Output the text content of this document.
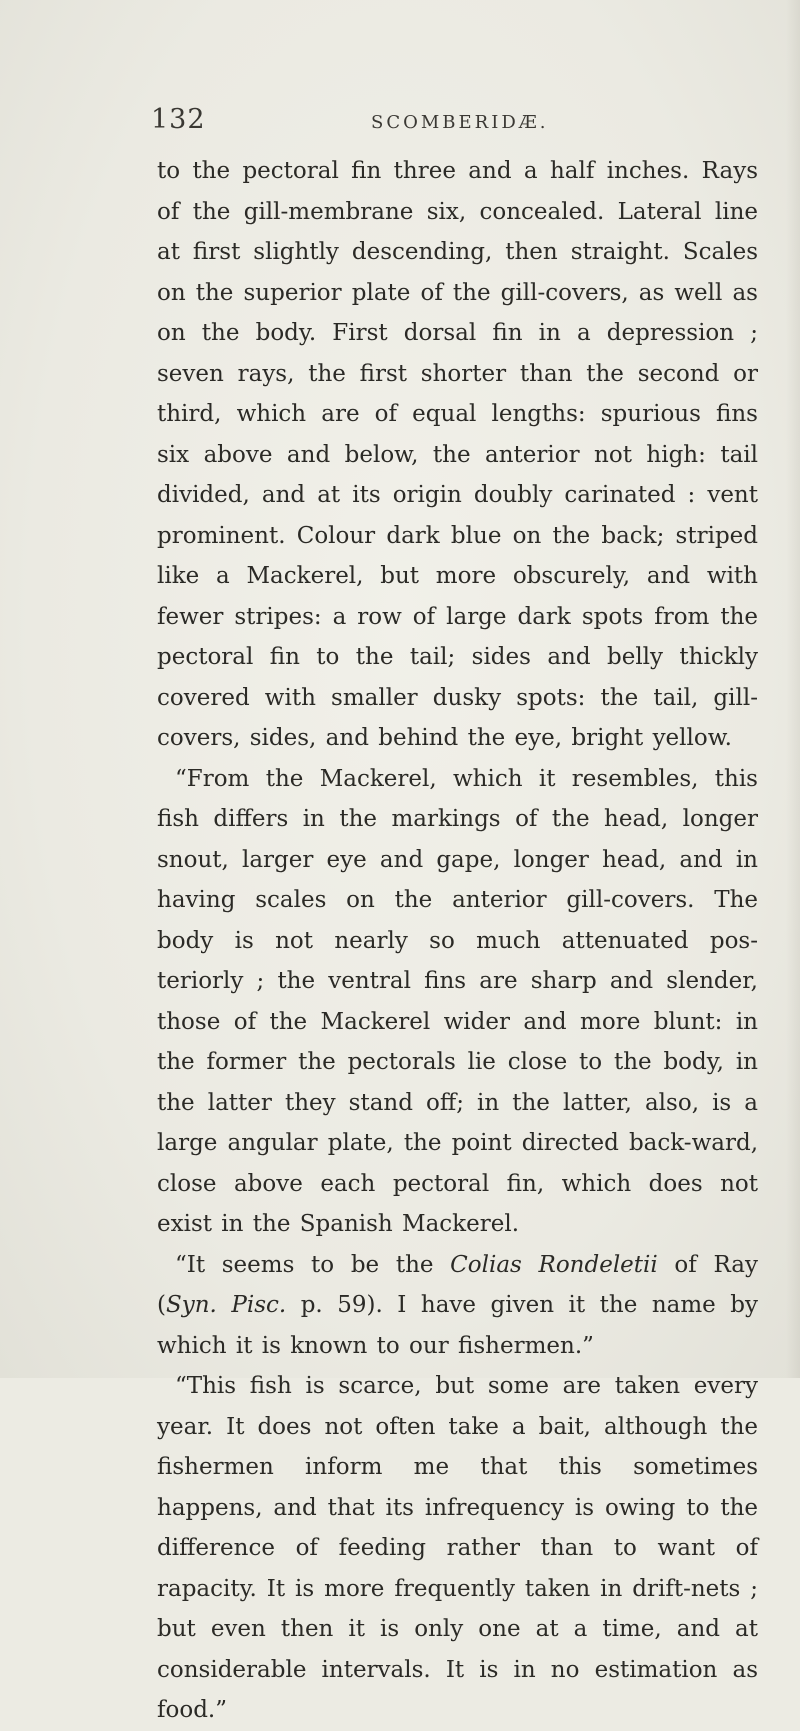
132	SCOMBERIDÆ.

to the pectoral fin three and a half inches. Rays of the gill-membrane six, concealed. Lateral line at first slightly descending, then straight. Scales on the superior plate of the gill-covers, as well as on the body. First dorsal fin in a depression ; seven rays, the first shorter than the second or third, which are of equal lengths: spurious fins six above and below, the anterior not high: tail divided, and at its origin doubly carinated : vent prominent. Colour dark blue on the back; striped like a Mackerel, but more obscurely, and with fewer stripes: a row of large dark spots from the pectoral fin to the tail; sides and belly thickly covered with smaller dusky spots: the tail, gill-covers, sides, and behind the eye, bright yellow.

“From the Mackerel, which it resembles, this fish differs in the markings of the head, longer snout, larger eye and gape, longer head, and in having scales on the anterior gill-covers. The body is not nearly so much attenuated pos-teriorly ; the ventral fins are sharp and slender, those of the Mackerel wider and more blunt: in the former the pectorals lie close to the body, in the latter they stand off; in the latter, also, is a large angular plate, the point directed back-ward, close above each pectoral fin, which does not exist in the Spanish Mackerel.

“It seems to be the Colias Rondeletii of Ray (Syn. Pisc. p. 59). I have given it the name by which it is known to our fishermen.”

“This fish is scarce, but some are taken every year. It does not often take a bait, although the fishermen inform me that this sometimes happens, and that its infrequency is owing to the difference of feeding rather than to want of rapacity. It is more frequently taken in drift-nets ; but even then it is only one at a time, and at considerable intervals. It is in no estimation as food.”
